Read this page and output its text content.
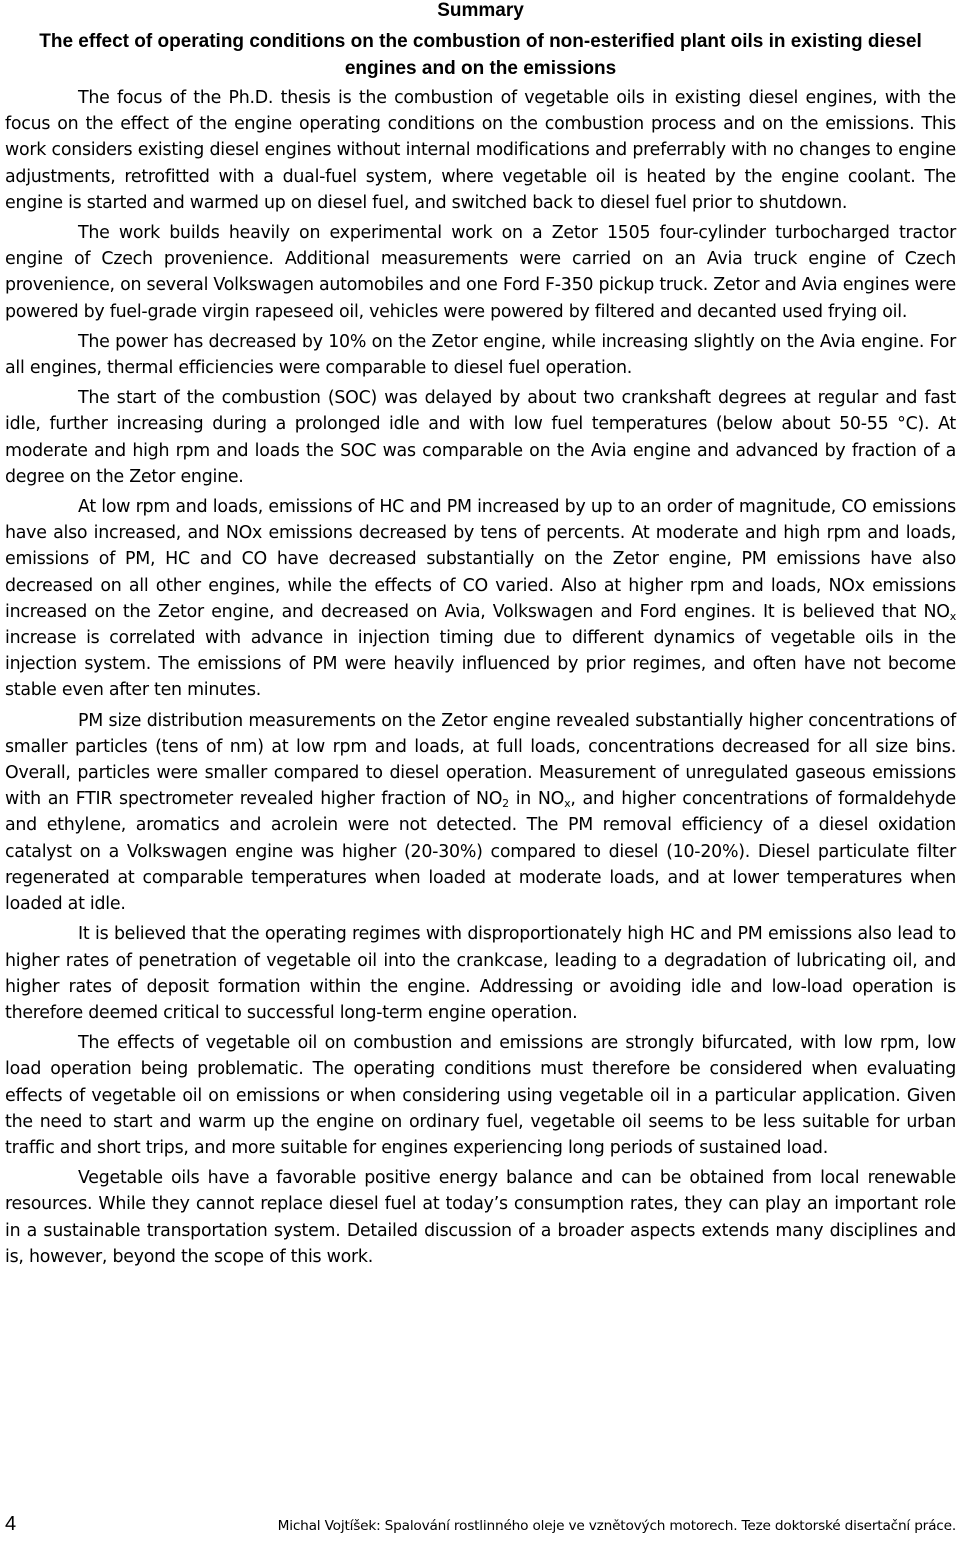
Summary
The effect of operating conditions on the combustion of non-esterified plant oils in existing diesel engines and on the emissions

The focus of the Ph.D. thesis is the combustion of vegetable oils in existing diesel engines, with the focus on the effect of the engine operating conditions on the combustion process and on the emissions. This work considers existing diesel engines without internal modifications and preferrably with no changes to engine adjustments, retrofitted with a dual-fuel system, where vegetable oil is heated by the engine coolant. The engine is started and warmed up on diesel fuel, and switched back to diesel fuel prior to shutdown.

The work builds heavily on experimental work on a Zetor 1505 four-cylinder turbocharged tractor engine of Czech provenience. Additional measurements were carried on an Avia truck engine of Czech provenience, on several Volkswagen automobiles and one Ford F-350 pickup truck. Zetor and Avia engines were powered by fuel-grade virgin rapeseed oil, vehicles were powered by filtered and decanted used frying oil.

The power has decreased by 10% on the Zetor engine, while increasing slightly on the Avia engine. For all engines, thermal efficiencies were comparable to diesel fuel operation.

The start of the combustion (SOC) was delayed by about two crankshaft degrees at regular and fast idle, further increasing during a prolonged idle and with low fuel temperatures (below about 50-55 °C). At moderate and high rpm and loads the SOC was comparable on the Avia engine and advanced by fraction of a degree on the Zetor engine.

At low rpm and loads, emissions of HC and PM increased by up to an order of magnitude, CO emissions have also increased, and NOx emissions decreased by tens of percents. At moderate and high rpm and loads, emissions of PM, HC and CO have decreased substantially on the Zetor engine, PM emissions have also decreased on all other engines, while the effects of CO varied. Also at higher rpm and loads, NOx emissions increased on the Zetor engine, and decreased on Avia, Volkswagen and Ford engines. It is believed that $NO_x$ increase is correlated with advance in injection timing due to different dynamics of vegetable oils in the injection system. The emissions of PM were heavily influenced by prior regimes, and often have not become stable even after ten minutes.

PM size distribution measurements on the Zetor engine revealed substantially higher concentrations of smaller particles (tens of nm) at low rpm and loads, at full loads, concentrations decreased for all size bins. Overall, particles were smaller compared to diesel operation. Measurement of unregulated gaseous emissions with an FTIR spectrometer revealed higher fraction of $NO_2$ in $NO_x$, and higher concentrations of formaldehyde and ethylene, aromatics and acrolein were not detected. The PM removal efficiency of a diesel oxidation catalyst on a Volkswagen engine was higher (20-30%) compared to diesel (10-20%). Diesel particulate filter regenerated at comparable temperatures when loaded at moderate loads, and at lower temperatures when loaded at idle.

It is believed that the operating regimes with disproportionately high HC and PM emissions also lead to higher rates of penetration of vegetable oil into the crankcase, leading to a degradation of lubricating oil, and higher rates of deposit formation within the engine. Addressing or avoiding idle and low-load operation is therefore deemed critical to successful long-term engine operation.

The effects of vegetable oil on combustion and emissions are strongly bifurcated, with low rpm, low load operation being problematic. The operating conditions must therefore be considered when evaluating effects of vegetable oil on emissions or when considering using vegetable oil in a particular application. Given the need to start and warm up the engine on ordinary fuel, vegetable oil seems to be less suitable for urban traffic and short trips, and more suitable for engines experiencing long periods of sustained load.

Vegetable oils have a favorable positive energy balance and can be obtained from local renewable resources. While they cannot replace diesel fuel at today’s consumption rates, they can play an important role in a sustainable transportation system. Detailed discussion of a broader aspects extends many disciplines and is, however, beyond the scope of this work.

4	Michal Vojtíšek: Spalování rostlinného oleje ve vznětových motorech. Teze doktorské disertační práce.
